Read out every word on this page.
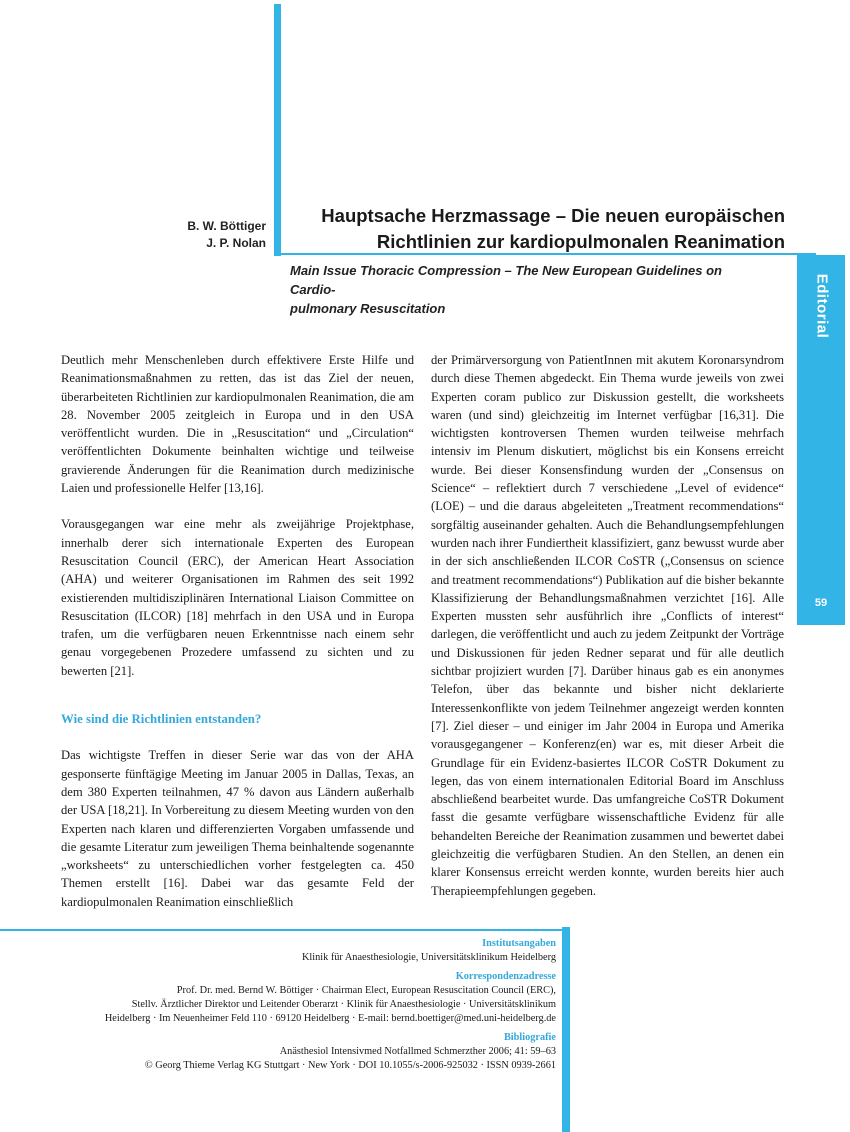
Editorial
59
B. W. Böttiger
J. P. Nolan
Hauptsache Herzmassage – Die neuen europäischen
Richtlinien zur kardiopulmonalen Reanimation
Main Issue Thoracic Compression – The New European Guidelines on Cardio-
pulmonary Resuscitation

Deutlich mehr Menschenleben durch effektivere Erste Hilfe und Reanimationsmaßnahmen zu retten, das ist das Ziel der neuen, überarbeiteten Richtlinien zur kardiopulmonalen Reanimation, die am 28. November 2005 zeitgleich in Europa und in den USA veröffentlicht wurden. Die in „Resuscitation“ und „Circulation“ veröffentlichten Dokumente beinhalten wichtige und teilweise gravierende Änderungen für die Reanimation durch medizinische Laien und professionelle Helfer [13,16].

Vorausgegangen war eine mehr als zweijährige Projektphase, innerhalb derer sich internationale Experten des European Resuscitation Council (ERC), der American Heart Association (AHA) und weiterer Organisationen im Rahmen des seit 1992 existierenden multidisziplinären International Liaison Committee on Resuscitation (ILCOR) [18] mehrfach in den USA und in Europa trafen, um die verfügbaren neuen Erkenntnisse nach einem sehr genau vorgegebenen Prozedere umfassend zu sichten und zu bewerten [21].

Wie sind die Richtlinien entstanden?

Das wichtigste Treffen in dieser Serie war das von der AHA gesponserte fünftägige Meeting im Januar 2005 in Dallas, Texas, an dem 380 Experten teilnahmen, 47 % davon aus Ländern außerhalb der USA [18,21]. In Vorbereitung zu diesem Meeting wurden von den Experten nach klaren und differenzierten Vorgaben umfassende und die gesamte Literatur zum jeweiligen Thema beinhaltende sogenannte „worksheets“ zu unterschiedlichen vorher festgelegten ca. 450 Themen erstellt [16]. Dabei war das gesamte Feld der kardiopulmonalen Reanimation einschließlich

der Primärversorgung von PatientInnen mit akutem Koronarsyndrom durch diese Themen abgedeckt. Ein Thema wurde jeweils von zwei Experten coram publico zur Diskussion gestellt, die worksheets waren (und sind) gleichzeitig im Internet verfügbar [16,31]. Die wichtigsten kontroversen Themen wurden teilweise mehrfach intensiv im Plenum diskutiert, möglichst bis ein Konsens erreicht wurde. Bei dieser Konsensfindung wurden der „Consensus on Science“ – reflektiert durch 7 verschiedene „Level of evidence“ (LOE) – und die daraus abgeleiteten „Treatment recommendations“ sorgfältig auseinander gehalten. Auch die Behandlungsempfehlungen wurden nach ihrer Fundiertheit klassifiziert, ganz bewusst wurde aber in der sich anschließenden ILCOR CoSTR („Consensus on science and treatment recommendations“) Publikation auf die bisher bekannte Klassifizierung der Behandlungsmaßnahmen verzichtet [16]. Alle Experten mussten sehr ausführlich ihre „Conflicts of interest“ darlegen, die veröffentlicht und auch zu jedem Zeitpunkt der Vorträge und Diskussionen für jeden Redner separat und für alle deutlich sichtbar projiziert wurden [7]. Darüber hinaus gab es ein anonymes Telefon, über das bekannte und bisher nicht deklarierte Interessenkonflikte von jedem Teilnehmer angezeigt werden konnten [7]. Ziel dieser – und einiger im Jahr 2004 in Europa und Amerika vorausgegangener – Konferenz(en) war es, mit dieser Arbeit die Grundlage für ein Evidenz-basiertes ILCOR CoSTR Dokument zu legen, das von einem internationalen Editorial Board im Anschluss abschließend bearbeitet wurde. Das umfangreiche CoSTR Dokument fasst die gesamte verfügbare wissenschaftliche Evidenz für alle behandelten Bereiche der Reanimation zusammen und bewertet dabei gleichzeitig die verfügbaren Studien. An den Stellen, an denen ein klarer Konsensus erreicht werden konnte, wurden bereits hier auch Therapieempfehlungen gegeben.

Institutsangaben
Klinik für Anaesthesiologie, Universitätsklinikum Heidelberg
Korrespondenzadresse
Prof. Dr. med. Bernd W. Böttiger · Chairman Elect, European Resuscitation Council (ERC),
Stellv. Ärztlicher Direktor und Leitender Oberarzt · Klinik für Anaesthesiologie · Universitätsklinikum
Heidelberg · Im Neuenheimer Feld 110 · 69120 Heidelberg · E-mail: bernd.boettiger@med.uni-heidelberg.de
Bibliografie
Anästhesiol Intensivmed Notfallmed Schmerzther 2006; 41: 59–63
© Georg Thieme Verlag KG Stuttgart · New York · DOI 10.1055/s-2006-925032 · ISSN 0939-2661
